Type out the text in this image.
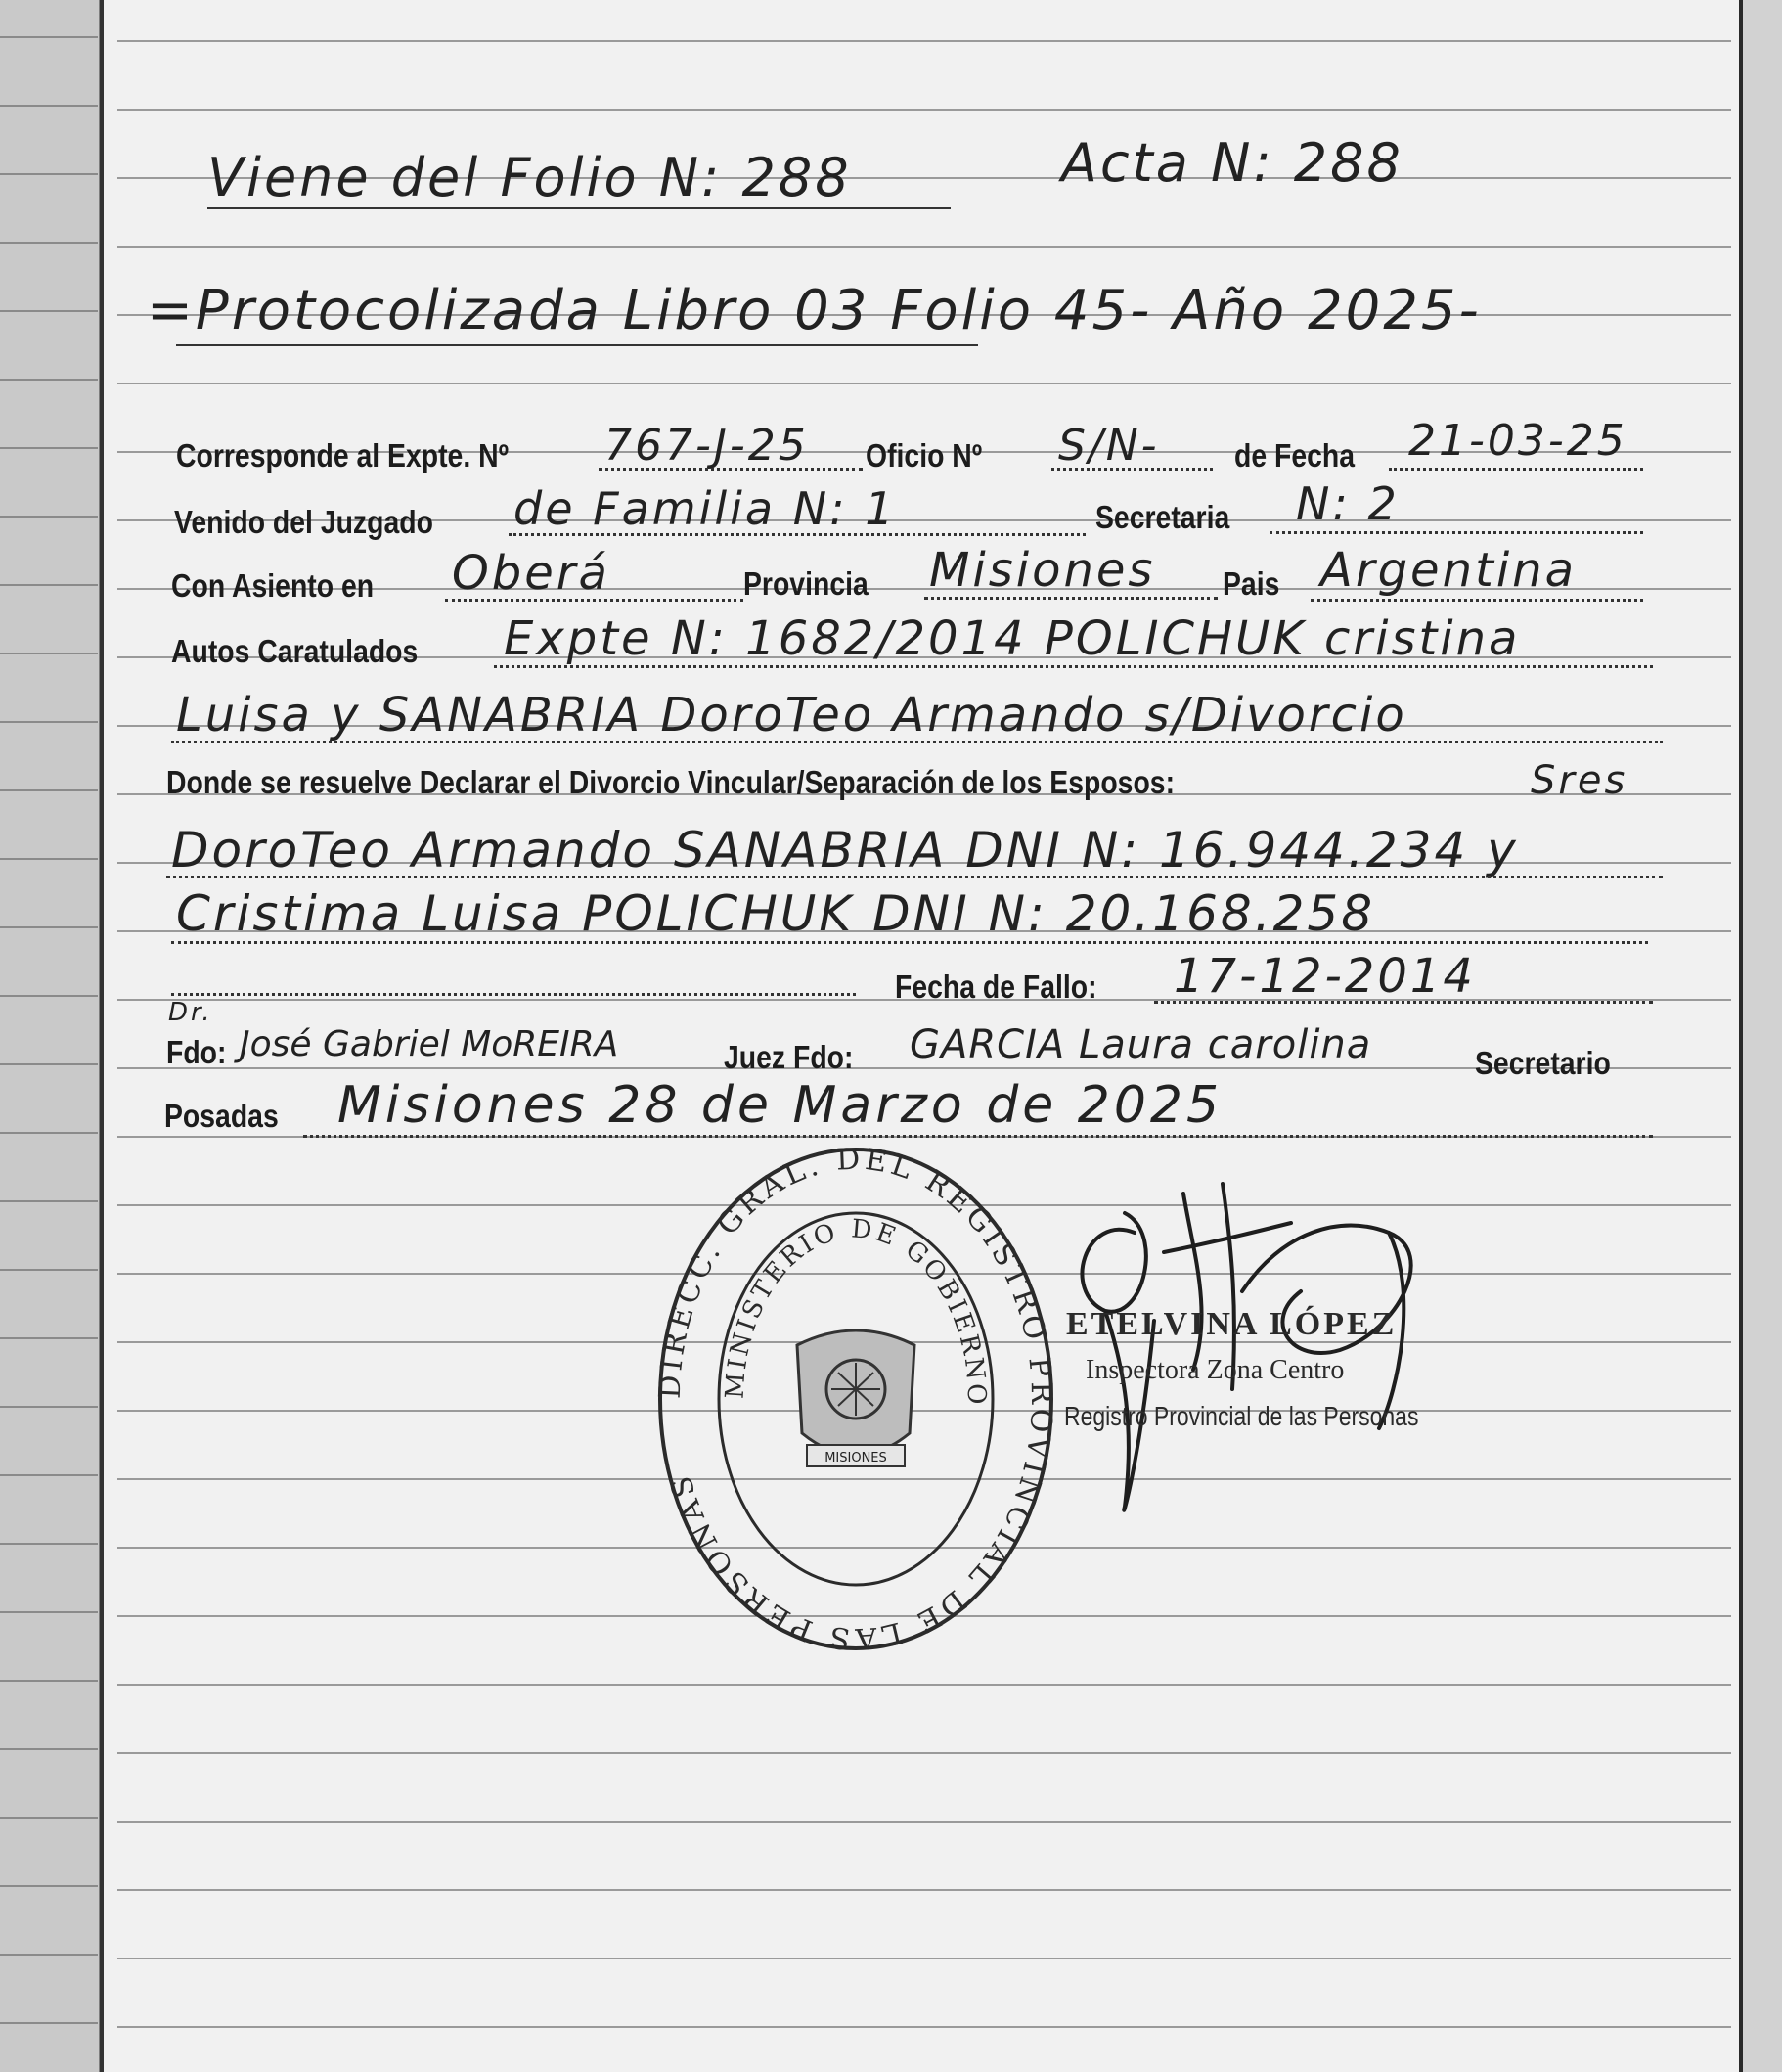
Viene del Folio N: 288	Acta N: 288
=Protocolizada Libro 03 Folio 45- Año 2025-
Corresponde al Expte. Nº 767-J-25 Oficio Nº S/N- de Fecha 21-03-25
Venido del Juzgado de Familia N: 1	Secretaria N: 2
Con Asiento en Oberá	Provincia Misiones Pais Argentina
Autos Caratulados Expte N: 1682/2014 POLICHUK cristina
Luisa y SANABRIA DoroTeo Armando s/Divorcio
Donde se resuelve Declarar el Divorcio Vincular/Separación de los Esposos:	Sres
DoroTeo Armando SANABRIA DNI N: 16.944.234 y
Cristima Luisa POLICHUK DNI N: 20.168.258
Fecha de Fallo: 17-12-2014
Dr.
Fdo: José Gabriel MoREIRA	Juez Fdo: GARCIA Laura carolina	Secretario
Posadas Misiones 28 de Marzo de 2025
DIRECC. GRAL. DEL REGISTRO PROVINCIAL DE LAS PERSONAS
MINISTERIO DE GOBIERNO
MISIONES
ETELVINA LÓPEZ
Inspectora Zona Centro
Registro Provincial de las Personas
